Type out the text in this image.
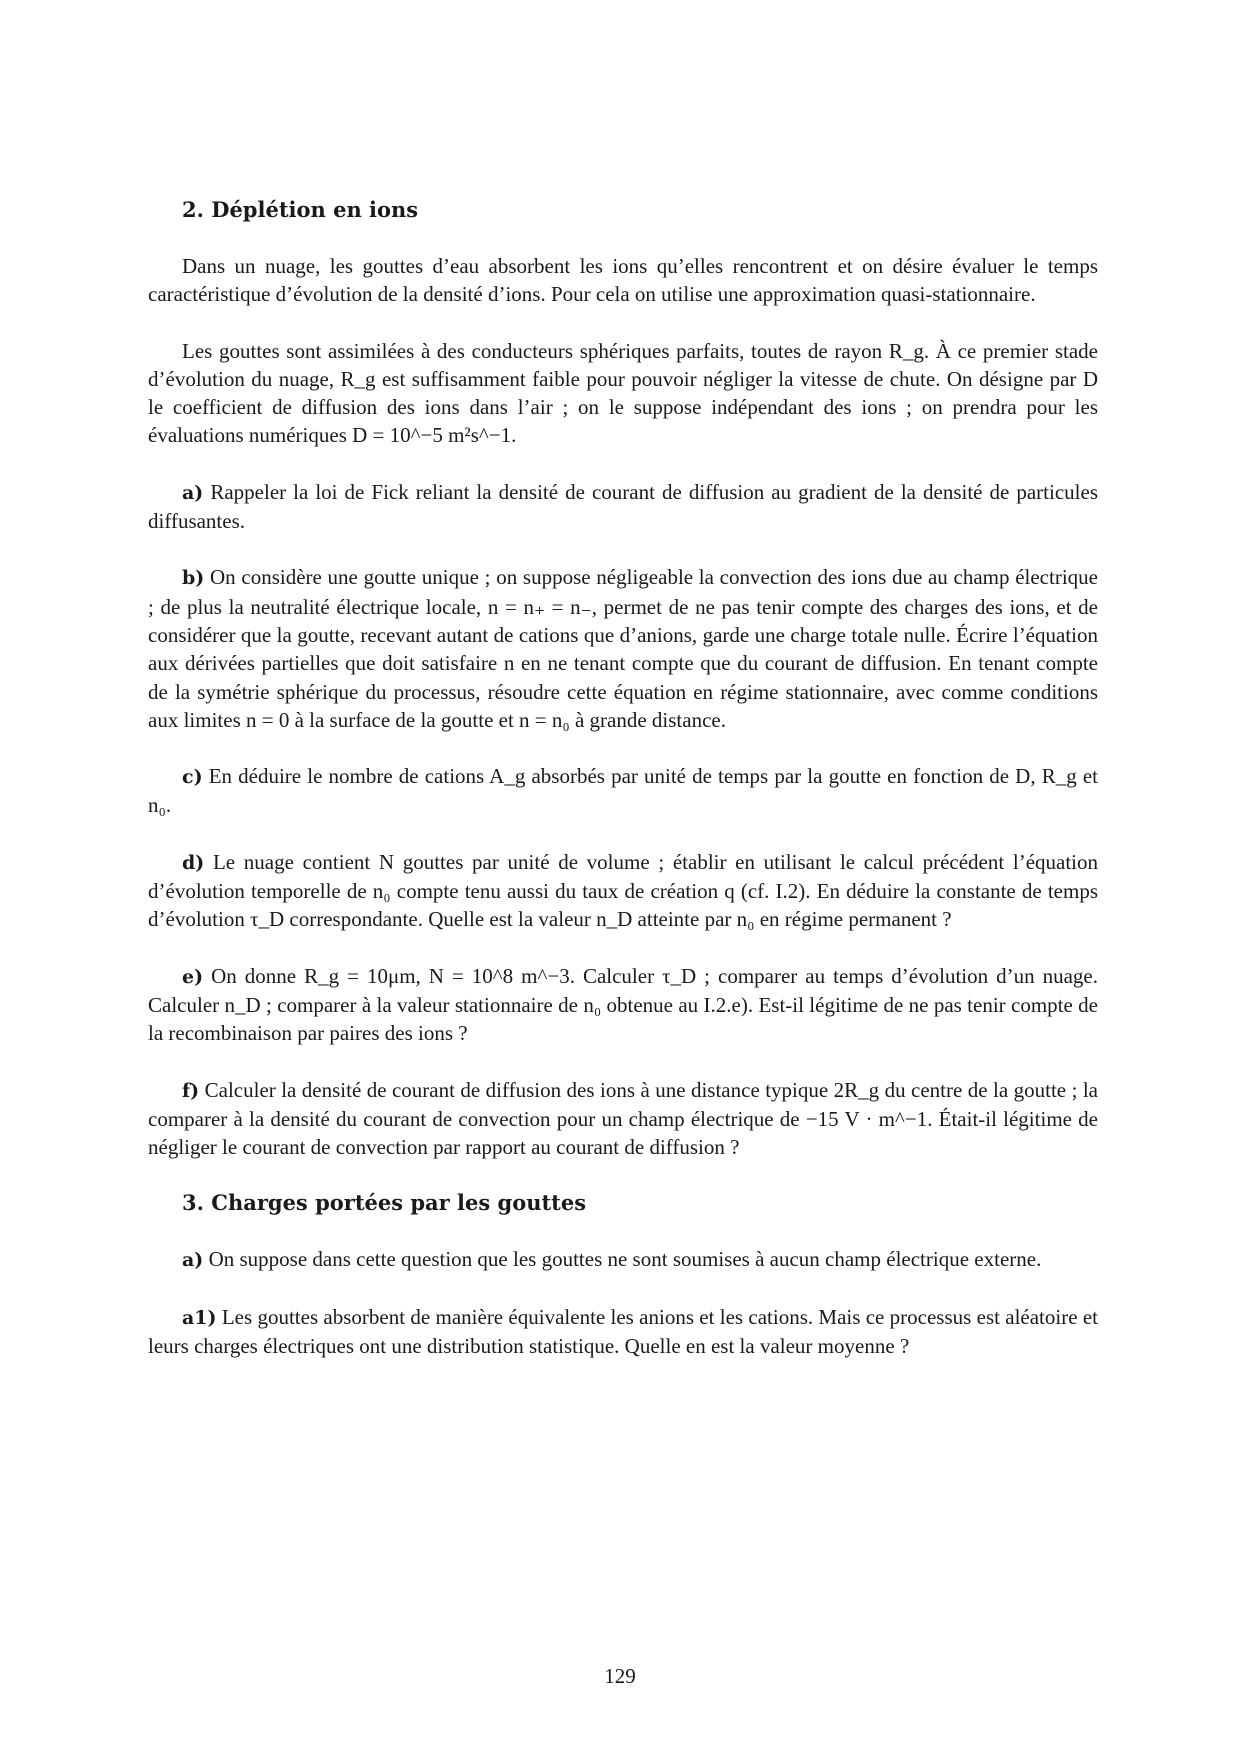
2. Déplétion en ions

Dans un nuage, les gouttes d’eau absorbent les ions qu’elles rencontrent et on désire évaluer le temps caractéristique d’évolution de la densité d’ions. Pour cela on utilise une approximation quasi-stationnaire.

Les gouttes sont assimilées à des conducteurs sphériques parfaits, toutes de rayon R_g. À ce premier stade d’évolution du nuage, R_g est suffisamment faible pour pouvoir négliger la vitesse de chute. On désigne par D le coefficient de diffusion des ions dans l’air ; on le suppose indépendant des ions ; on prendra pour les évaluations numériques D = 10^−5 m²s^−1.

a) Rappeler la loi de Fick reliant la densité de courant de diffusion au gradient de la densité de particules diffusantes.

b) On considère une goutte unique ; on suppose négligeable la convection des ions due au champ électrique ; de plus la neutralité électrique locale, n = n₊ = n₋, permet de ne pas tenir compte des charges des ions, et de considérer que la goutte, recevant autant de cations que d’anions, garde une charge totale nulle. Écrire l’équation aux dérivées partielles que doit satisfaire n en ne tenant compte que du courant de diffusion. En tenant compte de la symétrie sphérique du processus, résoudre cette équation en régime stationnaire, avec comme conditions aux limites n = 0 à la surface de la goutte et n = n₀ à grande distance.

c) En déduire le nombre de cations A_g absorbés par unité de temps par la goutte en fonction de D, R_g et n₀.

d) Le nuage contient N gouttes par unité de volume ; établir en utilisant le calcul précédent l’équation d’évolution temporelle de n₀ compte tenu aussi du taux de création q (cf. I.2). En déduire la constante de temps d’évolution τ_D correspondante. Quelle est la valeur n_D atteinte par n₀ en régime permanent ?

e) On donne R_g = 10μm, N = 10^8 m^−3. Calculer τ_D ; comparer au temps d’évolution d’un nuage. Calculer n_D ; comparer à la valeur stationnaire de n₀ obtenue au I.2.e). Est-il légitime de ne pas tenir compte de la recombinaison par paires des ions ?

f) Calculer la densité de courant de diffusion des ions à une distance typique 2R_g du centre de la goutte ; la comparer à la densité du courant de convection pour un champ électrique de −15 V · m^−1. Était-il légitime de négliger le courant de convection par rapport au courant de diffusion ?

3. Charges portées par les gouttes

a) On suppose dans cette question que les gouttes ne sont soumises à aucun champ électrique externe.

a1) Les gouttes absorbent de manière équivalente les anions et les cations. Mais ce processus est aléatoire et leurs charges électriques ont une distribution statistique. Quelle en est la valeur moyenne ?

129
